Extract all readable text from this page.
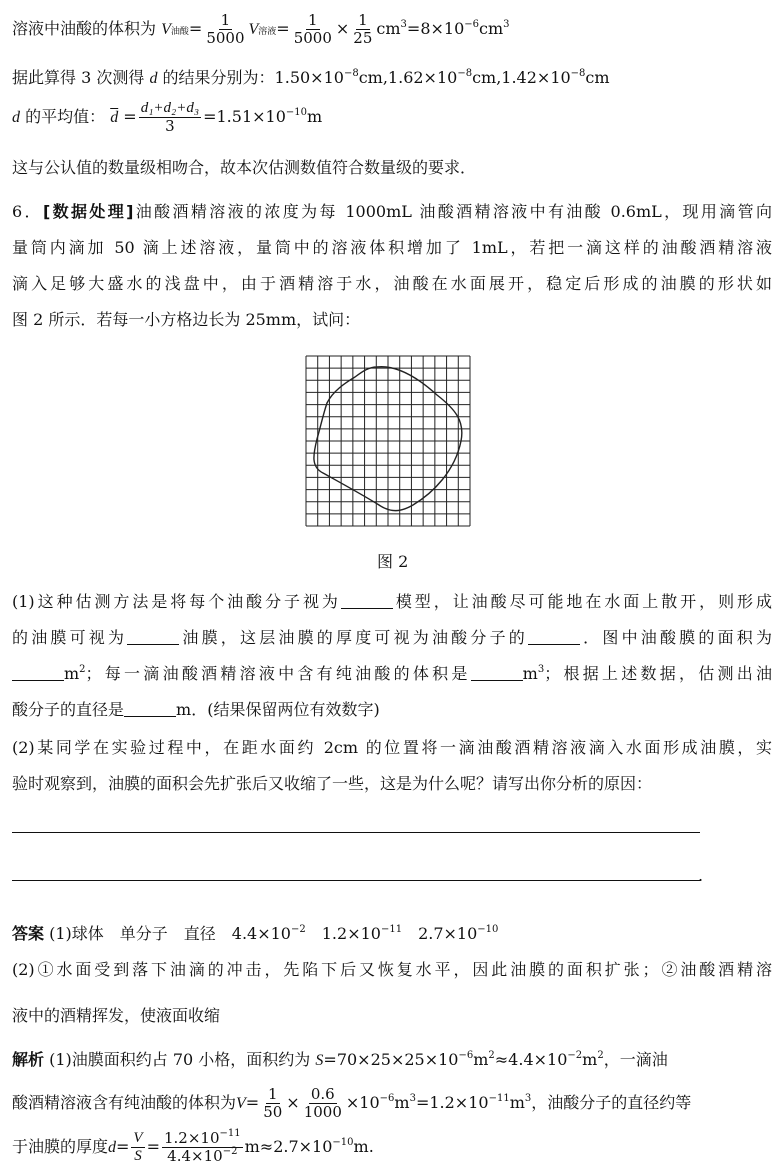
溶液中油酸的体积为 V油酸= $\frac{1}{5000}$ V溶液= $\frac{1}{5000} \times \frac{1}{25} cm^3=8\times 10^{-6}cm^3$
据此算得 3 次测得 d 的结果分别为：$1.50\times 10^{-8}cm,1.62\times 10^{-8}cm,1.42\times 10^{-8}cm$
d 的平均值： $\overline{d} = \frac{\text{d₁+d₂+d₃}}{3} =1.51\times 10^{-10}m$
这与公认值的数量级相吻合，故本次估测数值符合数量级的要求．
6．[数据处理]油酸酒精溶液的浓度为每 1000mL 油酸酒精溶液中有油酸 0.6mL，现用滴管向
量筒内滴加 50 滴上述溶液，量筒中的溶液体积增加了 1mL，若把一滴这样的油酸酒精溶液
滴入足够大盛水的浅盘中，由于酒精溶于水，油酸在水面展开，稳定后形成的油膜的形状如
图 2 所示．若每一小方格边长为 25mm，试问：
图 2
(1)这种估测方法是将每个油酸分子视为	模型，让油酸尽可能地在水面上散开，则形成
的油膜可视为	油膜，这层油膜的厚度可视为油酸分子的	．图中油酸膜的面积为
$m^2$；每一滴油酸酒精溶液中含有纯油酸的体积是	$m^3$；根据上述数据，估测出油
酸分子的直径是	m．(结果保留两位有效数字)
(2)某同学在实验过程中，在距水面约 2cm 的位置将一滴油酸酒精溶液滴入水面形成油膜，实
验时观察到，油膜的面积会先扩张后又收缩了一些，这是为什么呢？请写出你分析的原因：
.
答案 (1)球体　单分子　直径　$4.4\times 10^{-2}$　$1.2\times 10^{-11}$　$2.7\times 10^{-10}$
(2)①水面受到落下油滴的冲击，先陷下后又恢复水平，因此油膜的面积扩张；②油酸酒精溶
液中的酒精挥发，使液面收缩
解析 (1)油膜面积约占 70 小格，面积约为 $S=70\times 25\times 25\times 10^{-6}m^2\approx 4.4\times 10^{-2}m^2$，一滴油
酸酒精溶液含有纯油酸的体积为$V= \frac{1}{50} \times \frac{0.6}{1000} \times 10^{-6}m^3=1.2\times 10^{-11}m^3$，油酸分子的直径约等
于油膜的厚度$d= \frac{V}{S} = \frac{1.2\times 10^{-11}}{4.4\times 10^{-2}} m\approx 2.7\times 10^{-10}m$.
